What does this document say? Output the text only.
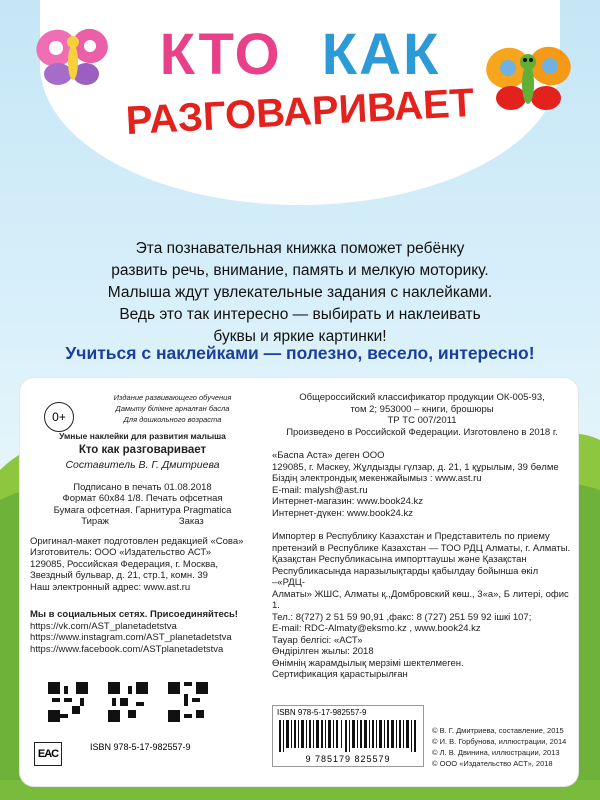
КТО КАК
РАЗГОВАРИВАЕТ
Эта познавательная книжка поможет ребёнку
развить речь, внимание, память и мелкую моторику.
Малыша ждут увлекательные задания с наклейками.
Ведь это так интересно — выбирать и наклеивать
буквы и яркие картинки!
Учиться с наклейками — полезно, весело, интересно!
0+
Издание развивающего обучения
Дамыту білімне арналған басла
Для дошкольного возраста
Умные наклейки для развития малыша
Кто как разговаривает
Составитель В. Г. Дмитриева
Подписано в печать 01.08.2018
Формат 60x84 1/8. Печать офсетная
Бумага офсетная. Гарнитура Pragmatica
Тираж	Заказ
Оригинал-макет подготовлен редакцией «Сова»
Изготовитель: ООО «Издательство АСТ»
129085, Российская Федерация, г. Москва,
Звездный бульвар, д. 21, стр.1, комн. 39
Наш электронный адрес: www.ast.ru
Мы в социальных сетях. Присоединяйтесь!
https://vk.com/AST_planetadetstva
https://www.instagram.com/AST_planetadetstva
https://www.facebook.com/ASTplanetadetstva
EAC
ISBN 978-5-17-982557-9
Общероссийский классификатор продукции ОК-005-93,
том 2; 953000 – книги, брошюры
ТР ТС 007/2011
Произведено в Российской Федерации. Изготовлено в 2018 г.
«Баспа Аста» деген ООО
129085, г. Мәскеу, Жұлдызды гүлзар, д. 21, 1 құрылым, 39 бөлме
Біздің электрондық мекенжайымыз : www.ast.ru
E-mail: malysh@ast.ru
Интернет-магазин: www.book24.kz
Интернет-дүкен: www.book24.kz
Импортер в Республику Казахстан и Представитель по приему
претензий в Республике Казахстан — ТОО РДЦ Алматы, г. Алматы.
Қазақстан Республикасына импорттаушы және Қазақстан
Республикасында наразылықтарды қабылдау бойынша өкіл –«РДЦ-
Алматы» ЖШС, Алматы қ.,Домбровский көш., 3«а», Б литері, офис 1.
Тел.: 8(727) 2 51 59 90,91 ,факс: 8 (727) 251 59 92 ішкі 107;
E-mail: RDC-Almaty@eksmo.kz , www.book24.kz
Тауар белгісі: «АСТ»
Өндірілген жылы: 2018
Өнімнің жарамдылық мерзімі шектелмеген.
Сертификация қарастырылған
ISBN 978-5-17-982557-9
9 785179 825579
© В. Г. Дмитриева, составление, 2015
© И. В. Горбунова, иллюстрации, 2014
© Л. В. Двинина, иллюстрации, 2013
© ООО «Издательство АСТ», 2018
